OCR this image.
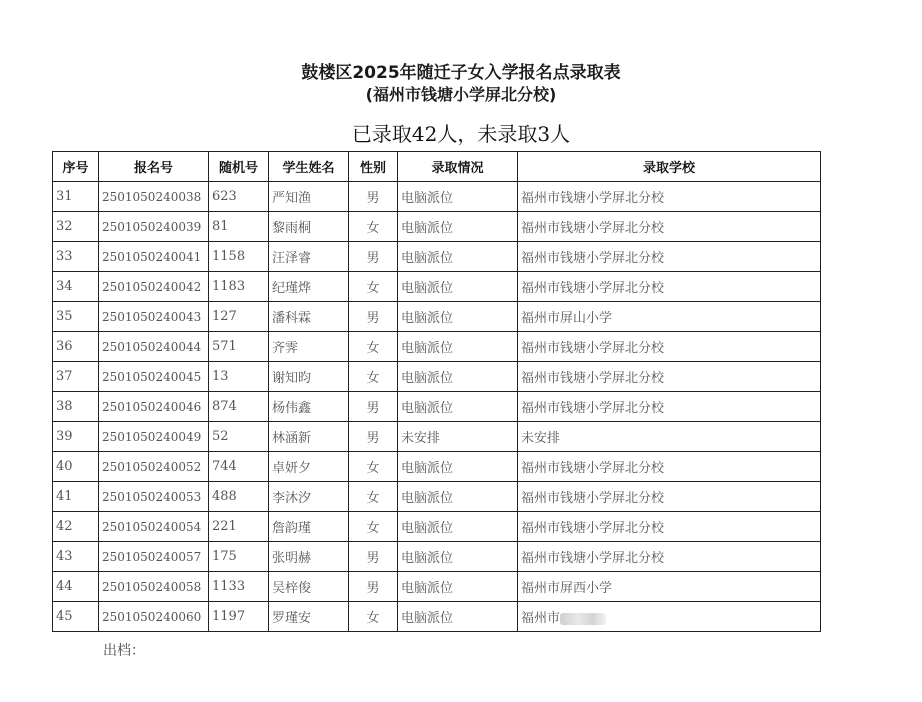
鼓楼区2025年随迁子女入学报名点录取表
(福州市钱塘小学屏北分校)
已录取42人，未录取3人
序号	报名号	随机号	学生姓名	性别	录取情况	录取学校
31	2501050240038	623	严知渔	男	电脑派位	福州市钱塘小学屏北分校
32	2501050240039	81	黎雨桐	女	电脑派位	福州市钱塘小学屏北分校
33	2501050240041	1158	汪泽睿	男	电脑派位	福州市钱塘小学屏北分校
34	2501050240042	1183	纪瑾烨	女	电脑派位	福州市钱塘小学屏北分校
35	2501050240043	127	潘科霖	男	电脑派位	福州市屏山小学
36	2501050240044	571	齐霁	女	电脑派位	福州市钱塘小学屏北分校
37	2501050240045	13	谢知昀	女	电脑派位	福州市钱塘小学屏北分校
38	2501050240046	874	杨伟鑫	男	电脑派位	福州市钱塘小学屏北分校
39	2501050240049	52	林涵新	男	未安排	未安排
40	2501050240052	744	卓妍夕	女	电脑派位	福州市钱塘小学屏北分校
41	2501050240053	488	李沐汐	女	电脑派位	福州市钱塘小学屏北分校
42	2501050240054	221	詹韵瑾	女	电脑派位	福州市钱塘小学屏北分校
43	2501050240057	175	张明赫	男	电脑派位	福州市钱塘小学屏北分校
44	2501050240058	1133	吴梓俊	男	电脑派位	福州市屏西小学
45	2501050240060	1197	罗瑾安	女	电脑派位	福州市
出档：
